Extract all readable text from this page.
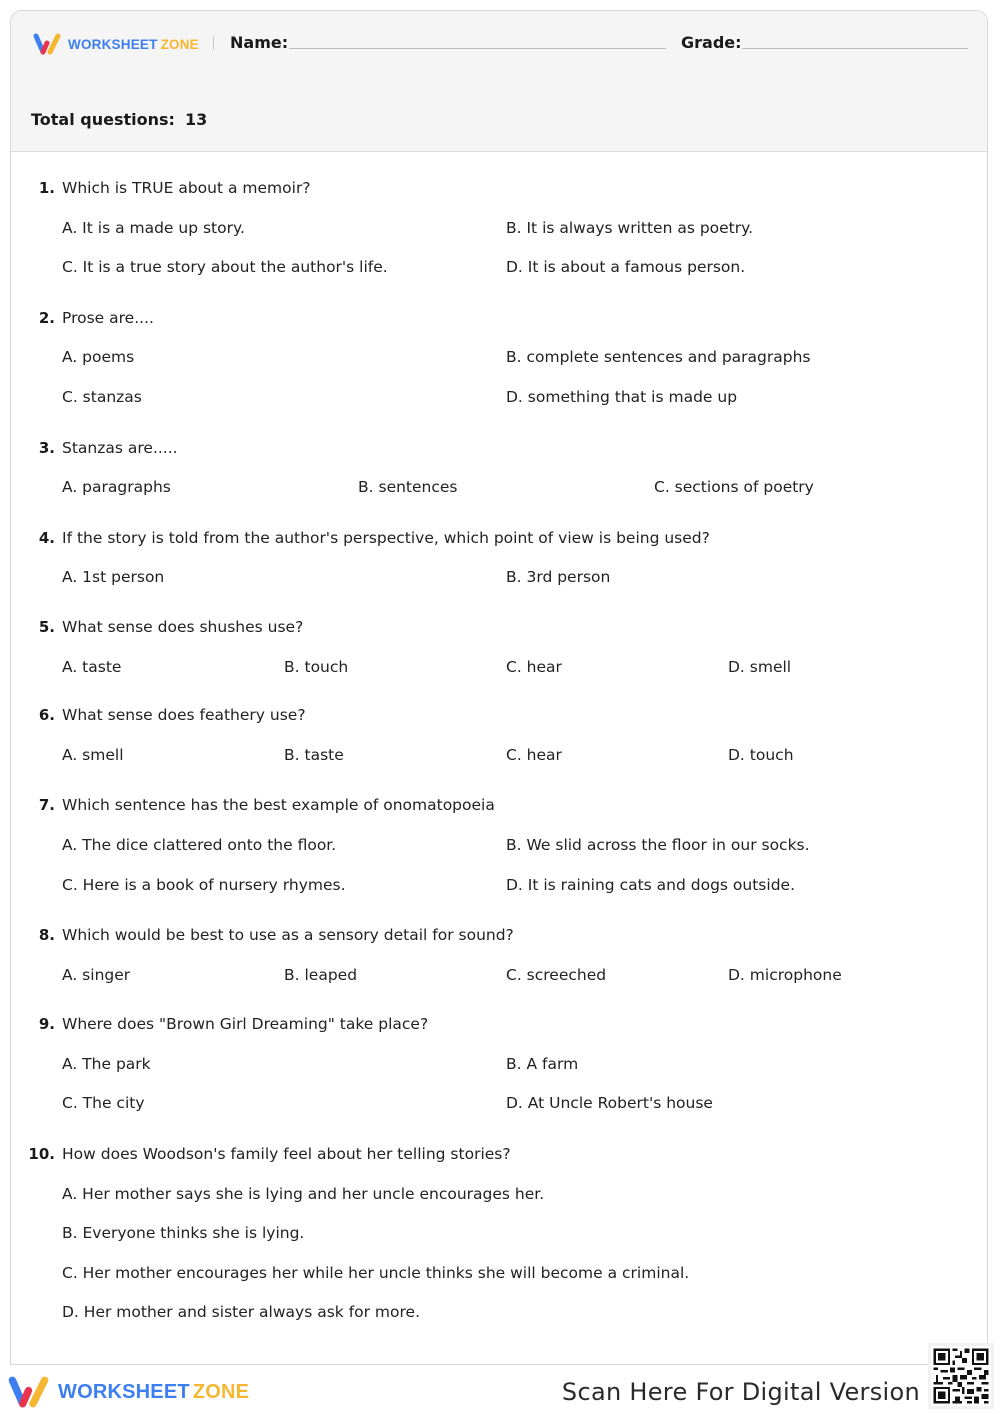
WORKSHEET ZONE Name:	Grade:
Total questions: 13
1. Which is TRUE about a memoir?
A. It is a made up story.	B. It is always written as poetry.
C. It is a true story about the author's life.	D. It is about a famous person.
2. Prose are....
A. poems	B. complete sentences and paragraphs
C. stanzas	D. something that is made up
3. Stanzas are.....
A. paragraphs	B. sentences	C. sections of poetry
4. If the story is told from the author's perspective, which point of view is being used?
A. 1st person	B. 3rd person
5. What sense does shushes use?
A. taste	B. touch	C. hear	D. smell
6. What sense does feathery use?
A. smell	B. taste	C. hear	D. touch
7. Which sentence has the best example of onomatopoeia
A. The dice clattered onto the floor.	B. We slid across the floor in our socks.
C. Here is a book of nursery rhymes.	D. It is raining cats and dogs outside.
8. Which would be best to use as a sensory detail for sound?
A. singer	B. leaped	C. screeched	D. microphone
9. Where does "Brown Girl Dreaming" take place?
A. The park	B. A farm
C. The city	D. At Uncle Robert's house
10. How does Woodson's family feel about her telling stories?
A. Her mother says she is lying and her uncle encourages her.
B. Everyone thinks she is lying.
C. Her mother encourages her while her uncle thinks she will become a criminal.
D. Her mother and sister always ask for more.
WORKSHEET ZONE	Scan Here For Digital Version
